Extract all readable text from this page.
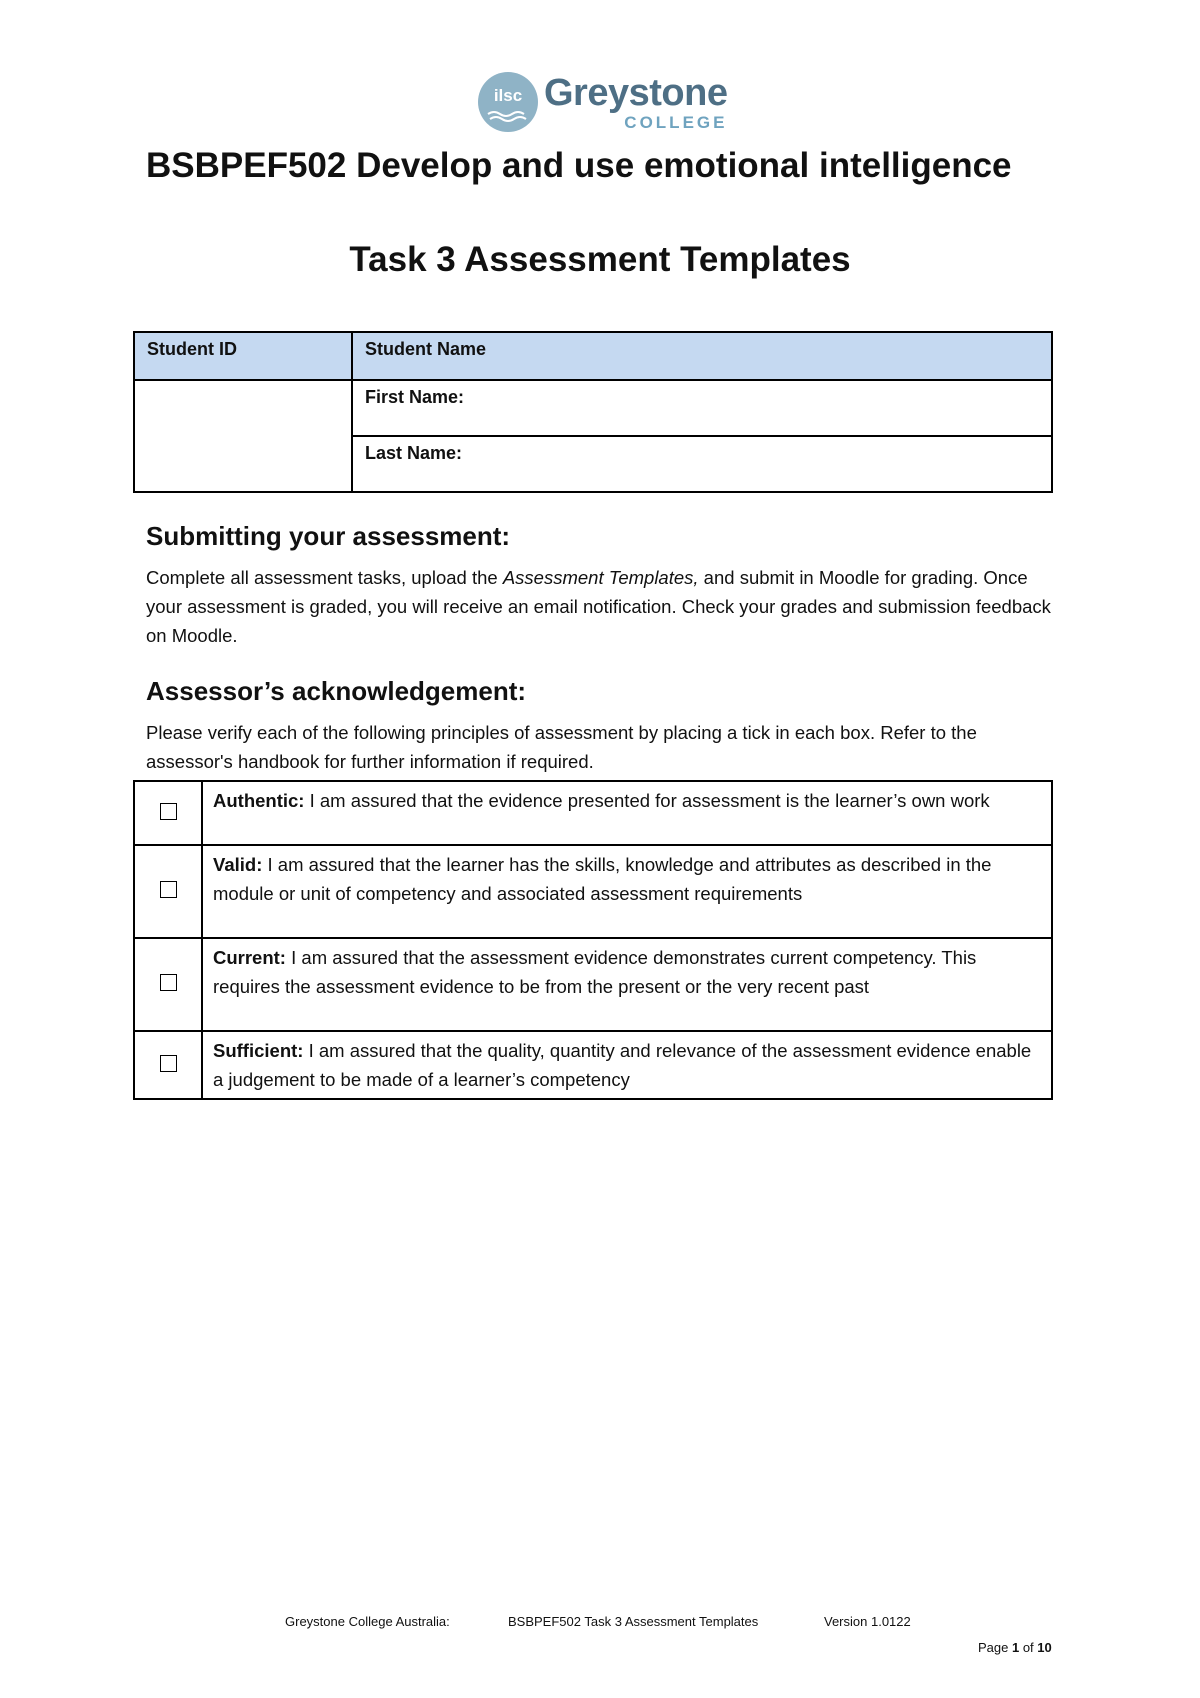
ilsc Greystone
COLLEGE
BSBPEF502 Develop and use emotional intelligence
Task 3 Assessment Templates
Student ID	Student Name
	First Name:
	Last Name:
Submitting your assessment:
Complete all assessment tasks, upload the Assessment Templates, and submit in Moodle for grading. Once your assessment is graded, you will receive an email notification. Check your grades and submission feedback on Moodle.
Assessor’s acknowledgement:
Please verify each of the following principles of assessment by placing a tick in each box. Refer to the assessor's handbook for further information if required.
	Authentic: I am assured that the evidence presented for assessment is the learner’s own work
	Valid: I am assured that the learner has the skills, knowledge and attributes as described in the module or unit of competency and associated assessment requirements
	Current: I am assured that the assessment evidence demonstrates current competency. This requires the assessment evidence to be from the present or the very recent past
	Sufficient: I am assured that the quality, quantity and relevance of the assessment evidence enable a judgement to be made of a learner’s competency
Greystone College Australia:	BSBPEF502 Task 3 Assessment Templates	Version 1.0122
Page 1 of 10
